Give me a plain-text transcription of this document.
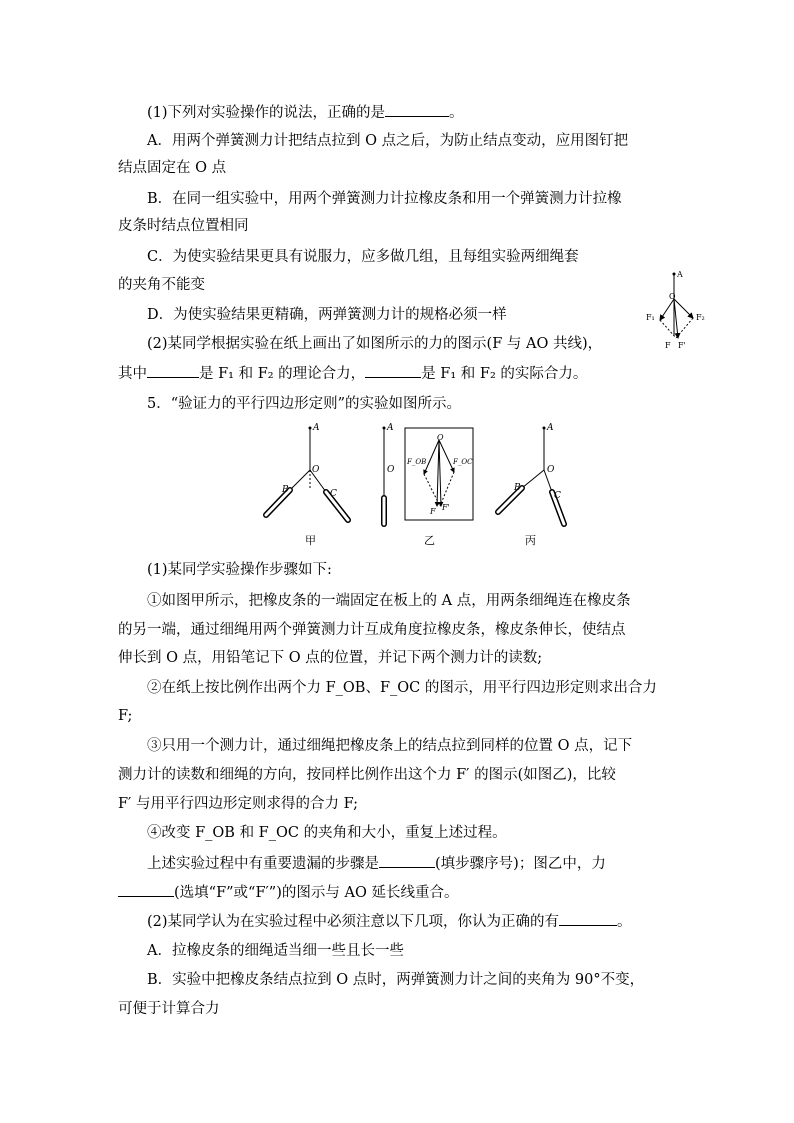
(1)下列对实验操作的说法，正确的是	。
A．用两个弹簧测力计把结点拉到 O 点之后，为防止结点变动，应用图钉把
结点固定在 O 点
B．在同一组实验中，用两个弹簧测力计拉橡皮条和用一个弹簧测力计拉橡
皮条时结点位置相同
C．为使实验结果更具有说服力，应多做几组，且每组实验两细绳套
的夹角不能变
D．为使实验结果更精确，两弹簧测力计的规格必须一样
(2)某同学根据实验在纸上画出了如图所示的力的图示(F 与 AO 共线)，
其中	是 F₁ 和 F₂ 的理论合力，	是 F₁ 和 F₂ 的实际合力。
A
O
F₁	F₂
F F'
5．“验证力的平行四边形定则”的实验如图所示。
A
O
B	C
A
O
O
F_OB	F_OC
F F'
A
O
B
C
甲	乙	丙
(1)某同学实验操作步骤如下:
①如图甲所示，把橡皮条的一端固定在板上的 A 点，用两条细绳连在橡皮条
的另一端，通过细绳用两个弹簧测力计互成角度拉橡皮条，橡皮条伸长，使结点
伸长到 O 点，用铅笔记下 O 点的位置，并记下两个测力计的读数;
②在纸上按比例作出两个力 F_OB、F_OC 的图示，用平行四边形定则求出合力
F;
③只用一个测力计，通过细绳把橡皮条上的结点拉到同样的位置 O 点，记下
测力计的读数和细绳的方向，按同样比例作出这个力 F′ 的图示(如图乙)，比较
F′ 与用平行四边形定则求得的合力 F;
④改变 F_OB 和 F_OC 的夹角和大小，重复上述过程。
上述实验过程中有重要遗漏的步骤是	(填步骤序号)；图乙中，力
(选填“F”或“F′”)的图示与 AO 延长线重合。
(2)某同学认为在实验过程中必须注意以下几项，你认为正确的有	。
A．拉橡皮条的细绳适当细一些且长一些
B．实验中把橡皮条结点拉到 O 点时，两弹簧测力计之间的夹角为 90°不变，
可便于计算合力
